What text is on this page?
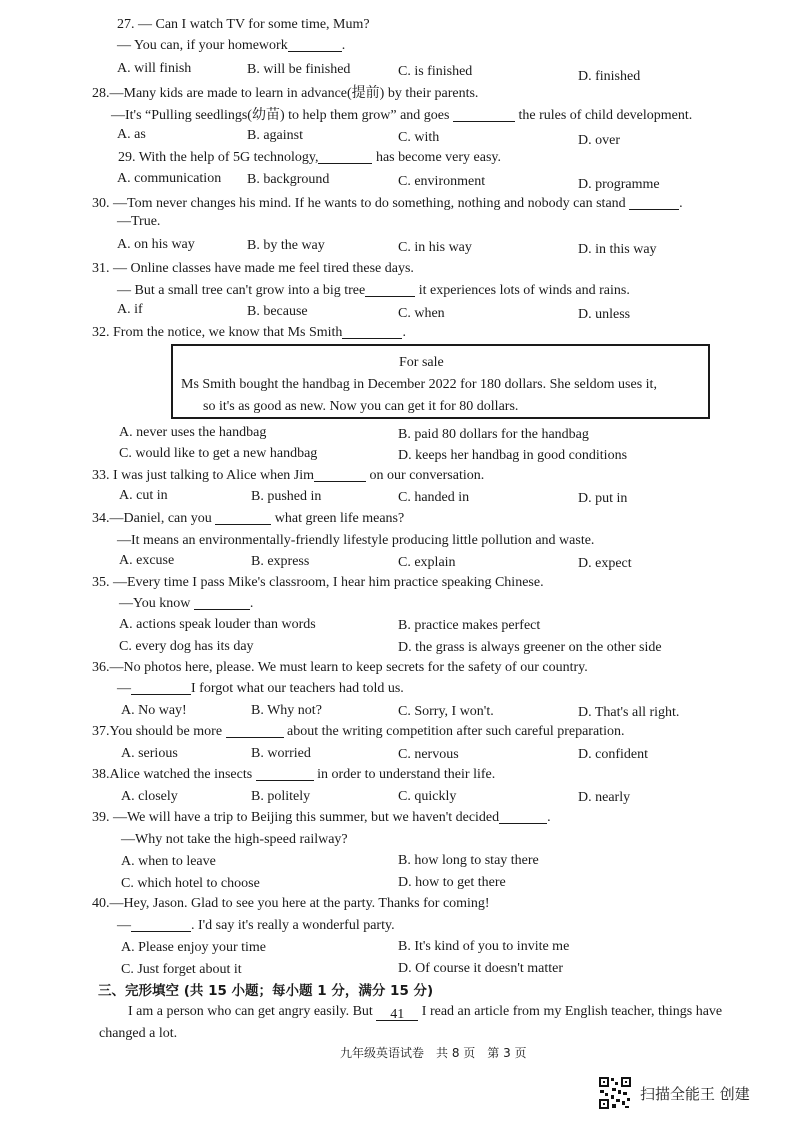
27. — Can I watch TV for some time, Mum?
— You can, if your homework	.
A. will finish	B. will be finished	C. is finished	D. finished
28.—Many kids are made to learn in advance(提前) by their parents.
—It's “Pulling seedlings(幼苗) to help them grow” and goes	the rules of child development.
A. as	B. against	C. with	D. over
29. With the help of 5G technology,	has become very easy.
A. communication B. background	C. environment	D. programme
30. —Tom never changes his mind. If he wants to do something, nothing and nobody can stand	.
—True.
A. on his way	B. by the way	C. in his way	D. in this way
31. — Online classes have made me feel tired these days.
— But a small tree can't grow into a big tree	it experiences lots of winds and rains.
A. if	B. because	C. when	D. unless
32. From the notice, we know that Ms Smith	.
For sale
Ms Smith bought the handbag in December 2022 for 180 dollars. She seldom uses it,
so it's as good as new. Now you can get it for 80 dollars.
A. never uses the handbag	B. paid 80 dollars for the handbag
C. would like to get a new handbag	D. keeps her handbag in good conditions
33. I was just talking to Alice when Jim	on our conversation.
A. cut in	B. pushed in	C. handed in	D. put in
34.—Daniel, can you	what green life means?
—It means an environmentally-friendly lifestyle producing little pollution and waste.
A. excuse	B. express	C. explain	D. expect
35. —Every time I pass Mike's classroom, I hear him practice speaking Chinese.
—You know	.
A. actions speak louder than words	B. practice makes perfect
C. every dog has its day	D. the grass is always greener on the other side
36.—No photos here, please. We must learn to keep secrets for the safety of our country.
—	I forgot what our teachers had told us.
A. No way!	B. Why not?	C. Sorry, I won't.	D. That's all right.
37.You should be more	about the writing competition after such careful preparation.
A. serious	B. worried	C. nervous	D. confident
38.Alice watched the insects	in order to understand their life.
A. closely	B. politely	C. quickly	D. nearly
39. —We will have a trip to Beijing this summer, but we haven't decided	.
—Why not take the high-speed railway?
A. when to leave	B. how long to stay there
C. which hotel to choose	D. how to get there
40.—Hey, Jason. Glad to see you here at the party. Thanks for coming!
—	. I'd say it's really a wonderful party.
A. Please enjoy your time	B. It's kind of you to invite me
C. Just forget about it	D. Of course it doesn't matter
三、完形填空 (共 15 小题；每小题 1 分，满分 15 分)
I am a person who can get angry easily. But 41 I read an article from my English teacher, things have
changed a lot.
九年级英语试卷　共 8 页　第 3 页
扫描全能王 创建
